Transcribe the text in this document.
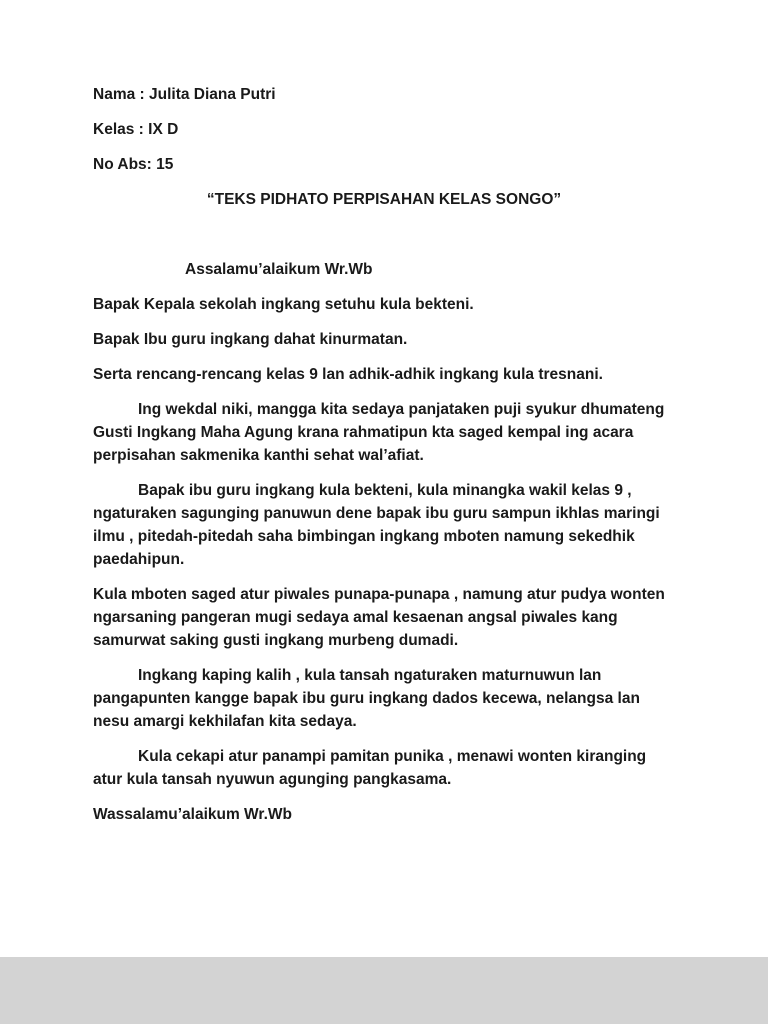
Nama : Julita Diana Putri

Kelas : IX D

No Abs: 15

“TEKS PIDHATO PERPISAHAN KELAS SONGO”

Assalamu’alaikum Wr.Wb

Bapak Kepala sekolah ingkang setuhu kula bekteni.

Bapak Ibu guru ingkang dahat kinurmatan.

Serta rencang-rencang kelas 9 lan adhik-adhik ingkang kula tresnani.

Ing wekdal niki, mangga kita sedaya panjataken puji syukur dhumateng Gusti Ingkang Maha Agung krana rahmatipun kta saged kempal ing acara perpisahan sakmenika kanthi sehat wal’afiat.

Bapak ibu guru ingkang kula bekteni, kula minangka wakil kelas 9 , ngaturaken sagunging panuwun dene bapak ibu guru sampun ikhlas maringi ilmu , pitedah-pitedah saha bimbingan ingkang mboten namung sekedhik paedahipun.

Kula mboten saged atur piwales punapa-punapa , namung atur pudya wonten ngarsaning pangeran mugi sedaya amal kesaenan angsal piwales kang samurwat saking gusti ingkang murbeng dumadi.

Ingkang kaping kalih , kula tansah ngaturaken maturnuwun lan pangapunten kangge bapak ibu guru ingkang dados kecewa, nelangsa lan nesu amargi kekhilafan kita sedaya.

Kula cekapi atur panampi pamitan punika , menawi wonten kiranging atur kula tansah nyuwun agunging pangkasama.

Wassalamu’alaikum Wr.Wb
